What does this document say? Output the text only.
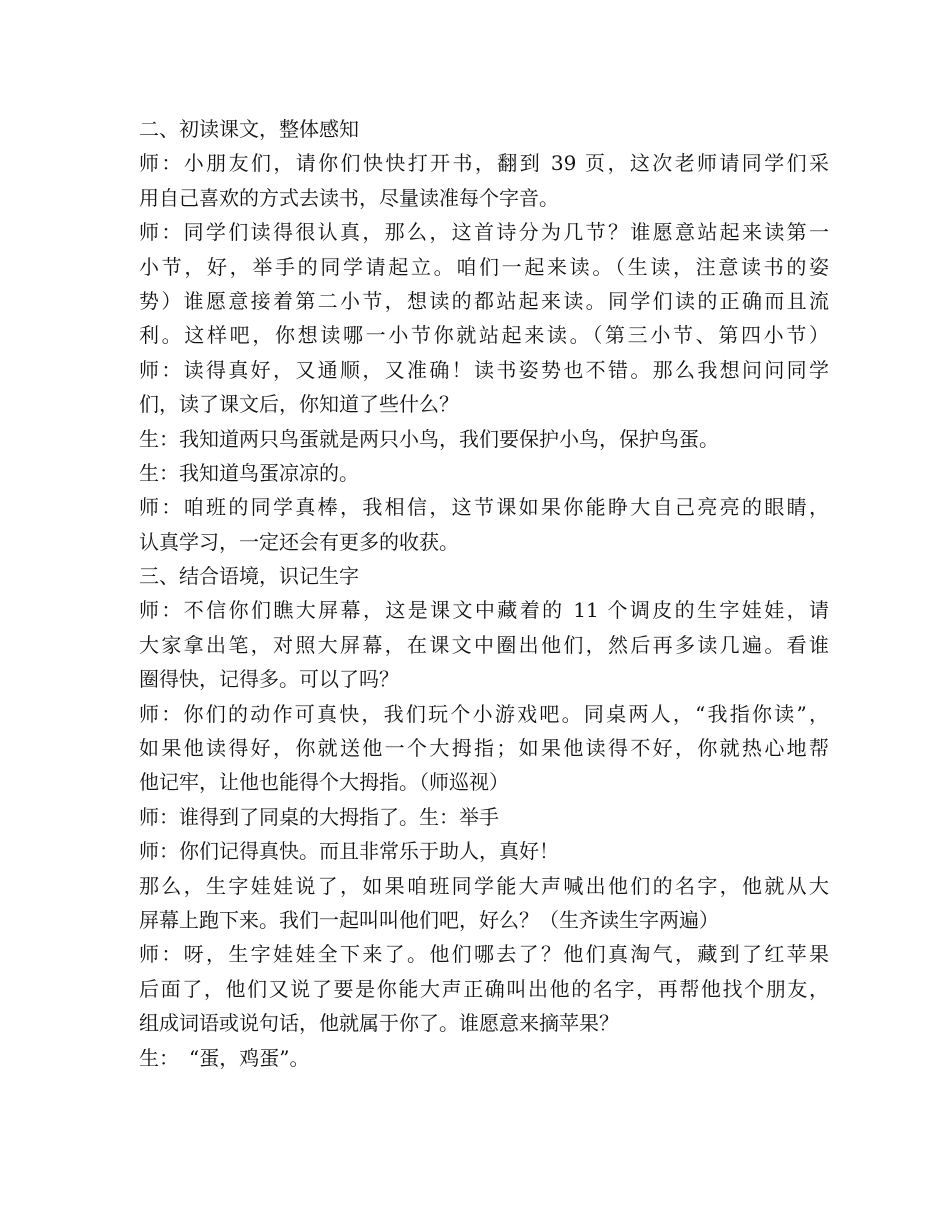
二、初读课文，整体感知
师：小朋友们，请你们快快打开书，翻到 39 页，这次老师请同学们采
用自己喜欢的方式去读书，尽量读准每个字音。
师：同学们读得很认真，那么，这首诗分为几节？谁愿意站起来读第一
小节，好，举手的同学请起立。咱们一起来读。（生读，注意读书的姿
势）谁愿意接着第二小节，想读的都站起来读。同学们读的正确而且流
利。这样吧，你想读哪一小节你就站起来读。（第三小节、第四小节）
师：读得真好，又通顺，又准确！读书姿势也不错。那么我想问问同学
们，读了课文后，你知道了些什么？
生：我知道两只鸟蛋就是两只小鸟，我们要保护小鸟，保护鸟蛋。
生：我知道鸟蛋凉凉的。
师：咱班的同学真棒，我相信，这节课如果你能睁大自己亮亮的眼睛，
认真学习，一定还会有更多的收获。
三、结合语境，识记生字
师：不信你们瞧大屏幕，这是课文中藏着的 11 个调皮的生字娃娃，请
大家拿出笔，对照大屏幕，在课文中圈出他们，然后再多读几遍。看谁
圈得快，记得多。可以了吗？
师：你们的动作可真快，我们玩个小游戏吧。同桌两人，“我指你读”，
如果他读得好，你就送他一个大拇指；如果他读得不好，你就热心地帮
他记牢，让他也能得个大拇指。（师巡视）
师：谁得到了同桌的大拇指了。生：举手
师：你们记得真快。而且非常乐于助人，真好！
那么，生字娃娃说了，如果咱班同学能大声喊出他们的名字，他就从大
屏幕上跑下来。我们一起叫叫他们吧，好么？（生齐读生字两遍）
师：呀，生字娃娃全下来了。他们哪去了？他们真淘气，藏到了红苹果
后面了，他们又说了要是你能大声正确叫出他的名字，再帮他找个朋友，
组成词语或说句话，他就属于你了。谁愿意来摘苹果？
生：　“蛋，鸡蛋”。
